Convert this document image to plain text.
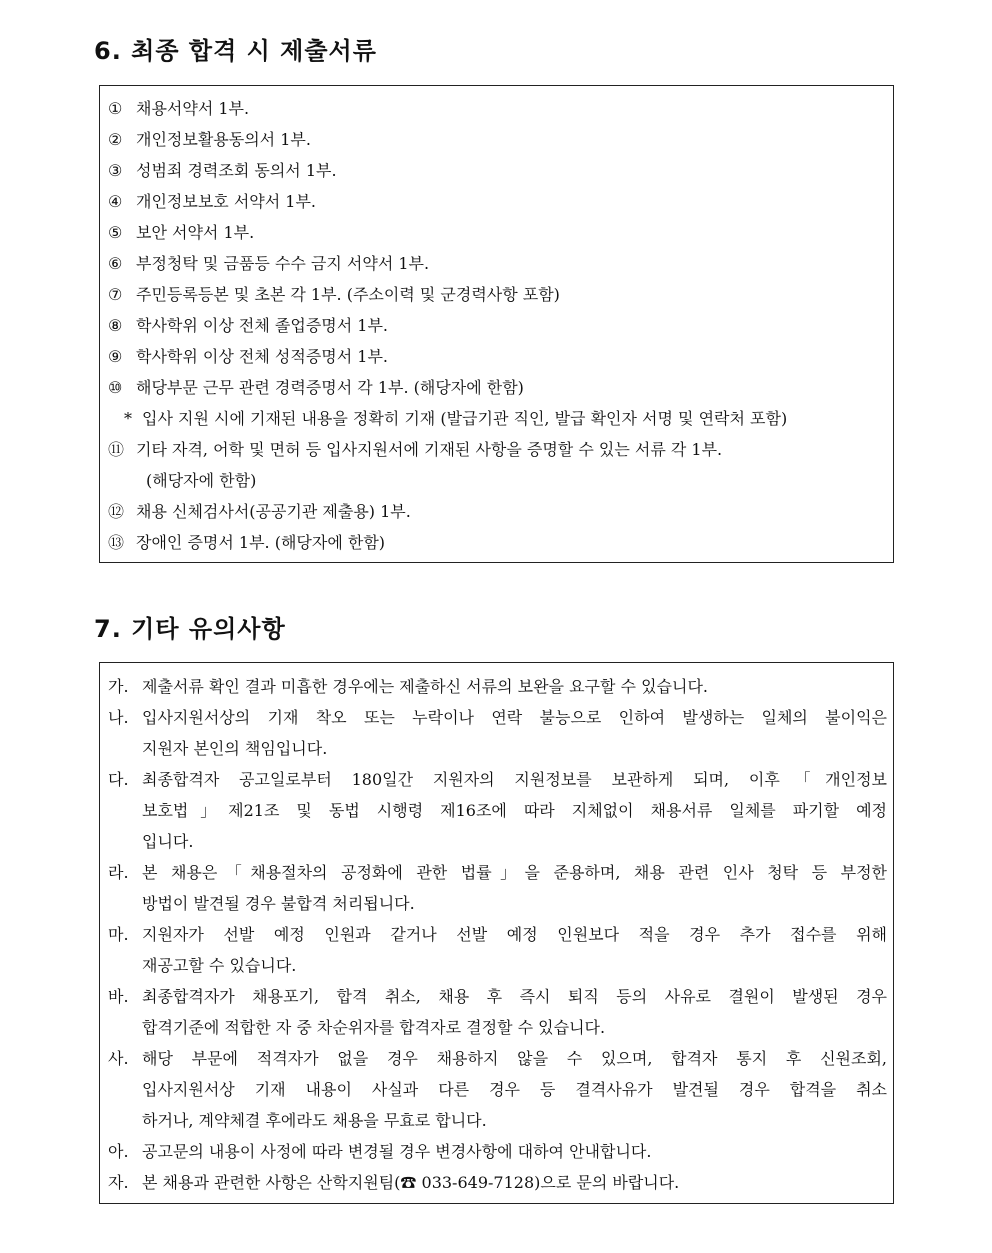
6. 최종 합격 시 제출서류
① 채용서약서 1부.
② 개인정보활용동의서 1부.
③ 성범죄 경력조회 동의서 1부.
④ 개인정보보호 서약서 1부.
⑤ 보안 서약서 1부.
⑥ 부정청탁 및 금품등 수수 금지 서약서 1부.
⑦ 주민등록등본 및 초본 각 1부. (주소이력 및 군경력사항 포함)
⑧ 학사학위 이상 전체 졸업증명서 1부.
⑨ 학사학위 이상 전체 성적증명서 1부.
⑩ 해당부문 근무 관련 경력증명서 각 1부. (해당자에 한함)
* 입사 지원 시에 기재된 내용을 정확히 기재 (발급기관 직인, 발급 확인자 서명 및 연락처 포함)
⑪ 기타 자격, 어학 및 면허 등 입사지원서에 기재된 사항을 증명할 수 있는 서류 각 1부.
(해당자에 한함)
⑫ 채용 신체검사서(공공기관 제출용) 1부.
⑬ 장애인 증명서 1부. (해당자에 한함)
7. 기타 유의사항
가. 제출서류 확인 결과 미흡한 경우에는 제출하신 서류의 보완을 요구할 수 있습니다.
나. 입사지원서상의 기재 착오 또는 누락이나 연락 불능으로 인하여 발생하는 일체의 불이익은
지원자 본인의 책임입니다.
다. 최종합격자 공고일로부터 180일간 지원자의 지원정보를 보관하게 되며, 이후「개인정보
보호법」제21조 및 동법 시행령 제16조에 따라 지체없이 채용서류 일체를 파기할 예정
입니다.
라. 본 채용은「채용절차의 공정화에 관한 법률」을 준용하며, 채용 관련 인사 청탁 등 부정한
방법이 발견될 경우 불합격 처리됩니다.
마. 지원자가 선발 예정 인원과 같거나 선발 예정 인원보다 적을 경우 추가 접수를 위해
재공고할 수 있습니다.
바. 최종합격자가 채용포기, 합격 취소, 채용 후 즉시 퇴직 등의 사유로 결원이 발생된 경우
합격기준에 적합한 자 중 차순위자를 합격자로 결정할 수 있습니다.
사. 해당 부문에 적격자가 없을 경우 채용하지 않을 수 있으며, 합격자 통지 후 신원조회,
입사지원서상 기재 내용이 사실과 다른 경우 등 결격사유가 발견될 경우 합격을 취소
하거나, 계약체결 후에라도 채용을 무효로 합니다.
아. 공고문의 내용이 사정에 따라 변경될 경우 변경사항에 대하여 안내합니다.
자. 본 채용과 관련한 사항은 산학지원팀(☎ 033-649-7128)으로 문의 바랍니다.
